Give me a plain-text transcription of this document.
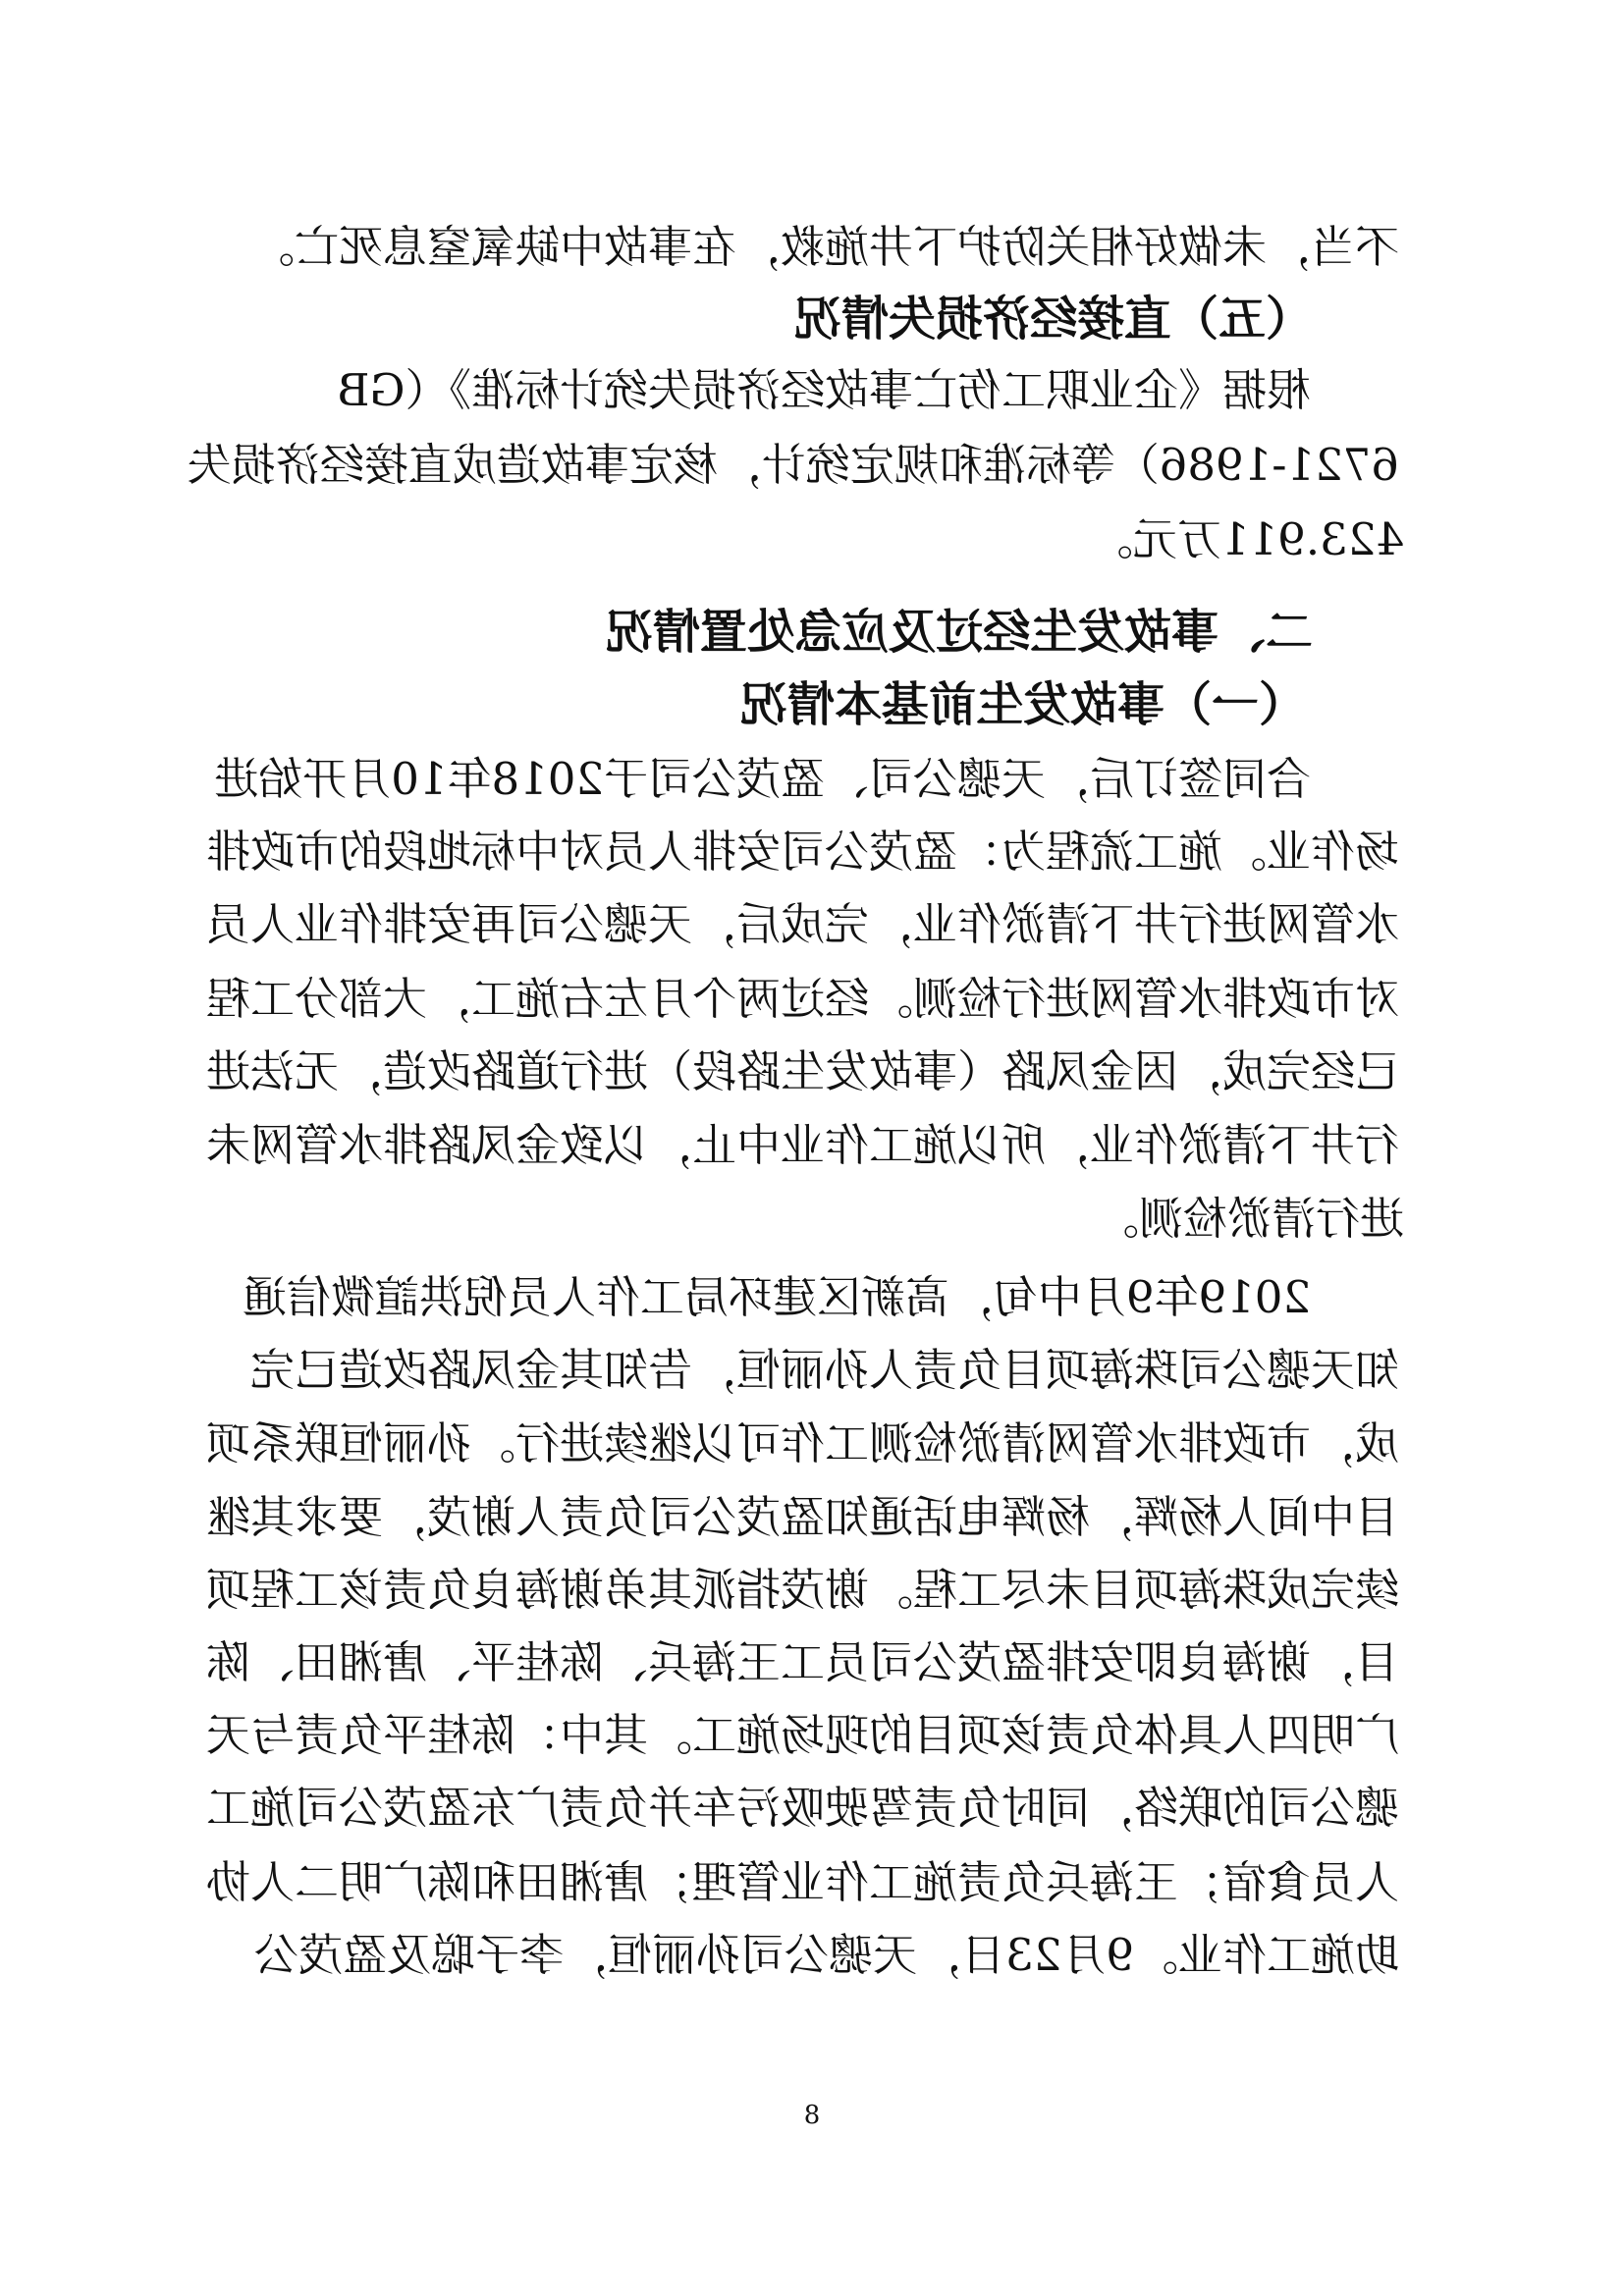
不当，未做好相关防护下井施救，在事故中缺氧窒息死亡。
（五）直接经济损失情况
根据《企业职工伤亡事故经济损失统计标准》（GB
6721-1986）等标准和规定统计，核定事故造成直接经济损失
423.911万元。
二、事故发生经过及应急处置情况
（一）事故发生前基本情况
合同签订后，天骢公司、盈茂公司于2018年10月开始进
场作业。施工流程为：盈茂公司安排人员对中标地段的市政排
水管网进行井下清淤作业，完成后，天骢公司再安排作业人员
对市政排水管网进行检测。经过两个月左右施工，大部分工程
已经完成，因金凤路（事故发生路段）进行道路改造，无法进
行井下清淤作业，所以施工作业中止，以致金凤路排水管网未
进行清淤检测。
2019年9月中旬，高新区建环局工作人员倪洪諠微信通
知天骢公司珠海项目负责人孙丽恒，告知其金凤路改造已完
成，市政排水管网清淤检测工作可以继续进行。孙丽恒联系项
目中间人杨辉，杨辉电话通知盈茂公司负责人谢茂，要求其继
续完成珠海项目未尽工程。谢茂指派其弟谢海良负责该工程项
目，谢海良即安排盈茂公司员工王海兵、陈桂平、唐湘田、陈
广明四人具体负责该项目的现场施工。其中：陈桂平负责与天
骢公司的联络，同时负责驾驶吸污车并负责广东盈茂公司施工
人员食宿；王海兵负责施工作业管理；唐湘田和陈广明二人协
助施工作业。9月23日，天骢公司孙丽恒，李子聪及盈茂公
8
